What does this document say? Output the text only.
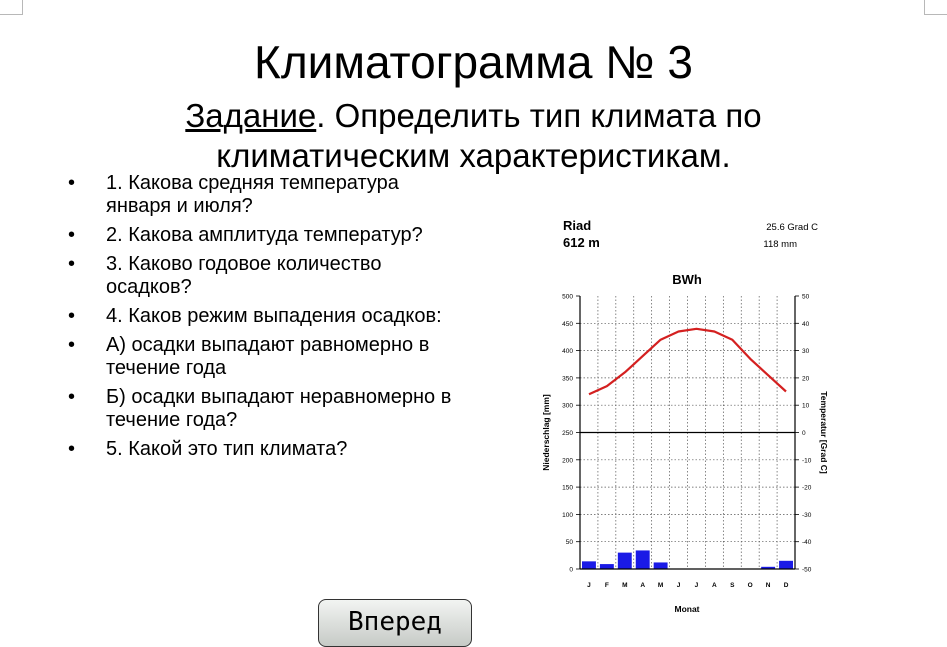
Климатограмма № 3
Задание. Определить тип климата по
климатическим характеристикам.
• 1. Какова средняя температура января и июля?
• 2. Какова амплитуда температур?
• 3. Каково годовое количество осадков?
• 4. Каков режим выпадения осадков:
• А) осадки выпадают равномерно в течение года
• Б) осадки выпадают неравномерно в течение года?
• 5. Какой это тип климата?
Riad
612 m
25.6 Grad C
118 mm
BWh
0	-50
50	-40
100	-30
150	-20
200	-10
250	0
300	10
350	20
400	30
450	40
500	50
J F M A M J J A S O N D
Monat
Niederschlag [mm]	Temperatur [Grad C]
Вперед
